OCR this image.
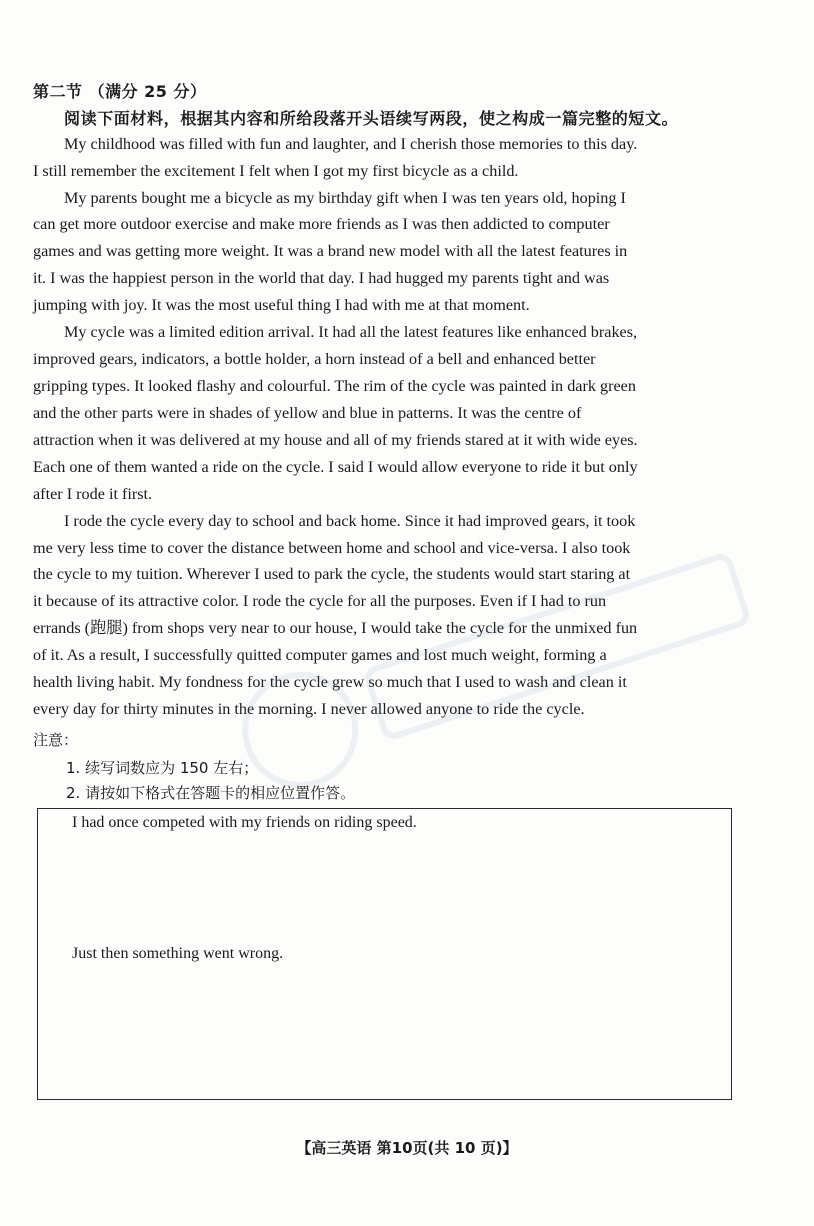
第二节 （满分 25 分）
阅读下面材料，根据其内容和所给段落开头语续写两段，使之构成一篇完整的短文。
My childhood was filled with fun and laughter, and I cherish those memories to this day.
I still remember the excitement I felt when I got my first bicycle as a child.
My parents bought me a bicycle as my birthday gift when I was ten years old, hoping I
can get more outdoor exercise and make more friends as I was then addicted to computer
games and was getting more weight. It was a brand new model with all the latest features in
it. I was the happiest person in the world that day. I had hugged my parents tight and was
jumping with joy. It was the most useful thing I had with me at that moment.
My cycle was a limited edition arrival. It had all the latest features like enhanced brakes,
improved gears, indicators, a bottle holder, a horn instead of a bell and enhanced better
gripping types. It looked flashy and colourful. The rim of the cycle was painted in dark green
and the other parts were in shades of yellow and blue in patterns. It was the centre of
attraction when it was delivered at my house and all of my friends stared at it with wide eyes.
Each one of them wanted a ride on the cycle. I said I would allow everyone to ride it but only
after I rode it first.
I rode the cycle every day to school and back home. Since it had improved gears, it took
me very less time to cover the distance between home and school and vice-versa. I also took
the cycle to my tuition. Wherever I used to park the cycle, the students would start staring at
it because of its attractive color. I rode the cycle for all the purposes. Even if I had to run
errands (跑腿) from shops very near to our house, I would take the cycle for the unmixed fun
of it. As a result, I successfully quitted computer games and lost much weight, forming a
health living habit. My fondness for the cycle grew so much that I used to wash and clean it
every day for thirty minutes in the morning. I never allowed anyone to ride the cycle.
注意：
1. 续写词数应为 150 左右；
2. 请按如下格式在答题卡的相应位置作答。
I had once competed with my friends on riding speed.
Just then something went wrong.
【高三英语 第10页(共 10 页)】
